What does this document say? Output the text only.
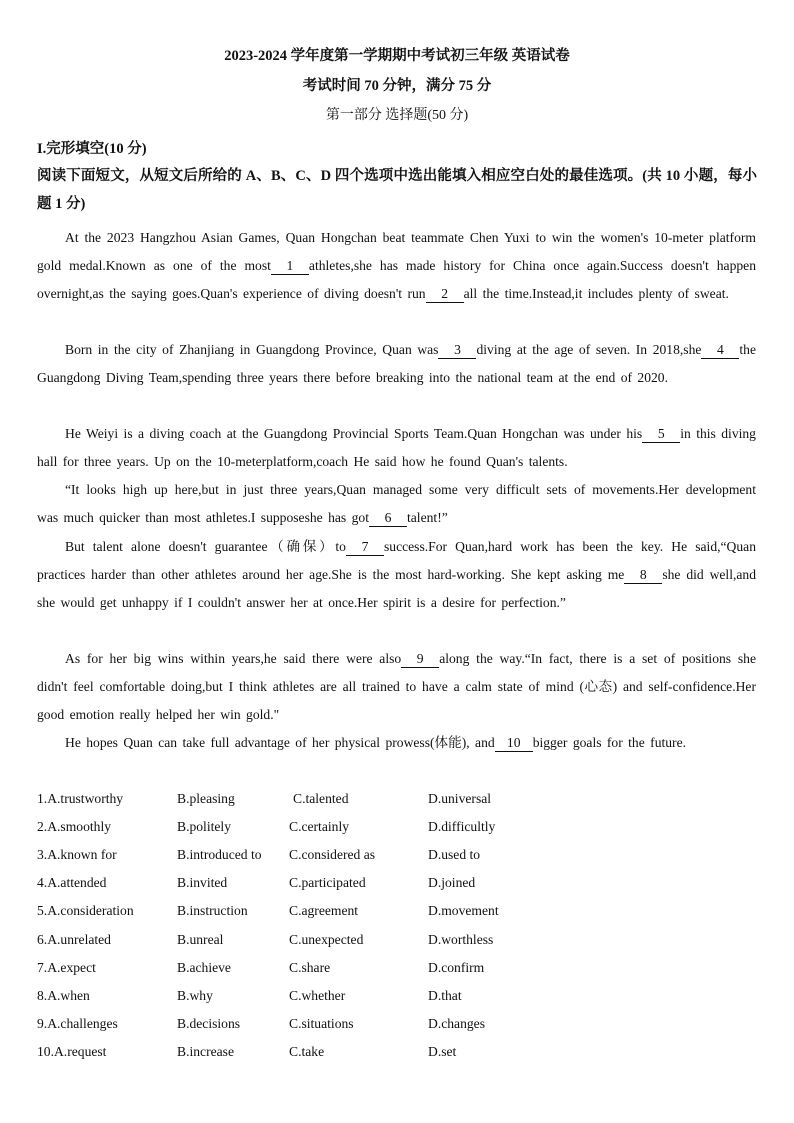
2023-2024 学年度第一学期期中考试初三年级 英语试卷
考试时间 70 分钟，满分 75 分
第一部分 选择题(50 分)
I.完形填空(10 分)
阅读下面短文，从短文后所给的 A、B、C、D 四个选项中选出能填入相应空白处的最佳选项。(共 10 小题，每小题 1 分)
At the 2023 Hangzhou Asian Games, Quan Hongchan beat teammate Chen Yuxi to win the women's 10-meter platform gold medal.Known as one of the most 1 athletes,she has made history for China once again.Success doesn't happen overnight,as the saying goes.Quan's experience of diving doesn't run 2 all the time.Instead,it includes plenty of sweat.
Born in the city of Zhanjiang in Guangdong Province, Quan was 3 diving at the age of seven. In 2018,she 4 the Guangdong Diving Team,spending three years there before breaking into the national team at the end of 2020.
He Weiyi is a diving coach at the Guangdong Provincial Sports Team.Quan Hongchan was under his 5 in this diving hall for three years. Up on the 10-meterplatform,coach He said how he found Quan's talents.
“It looks high up here,but in just three years,Quan managed some very difficult sets of movements.Her development was much quicker than most athletes.I supposeshe has got 6 talent!”
But talent alone doesn't guarantee（确保）to 7 success.For Quan,hard work has been the key. He said,“Quan practices harder than other athletes around her age.She is the most hard-working. She kept asking me 8 she did well,and she would get unhappy if I couldn't answer her at once.Her spirit is a desire for perfection.”
As for her big wins within years,he said there were also 9 along the way.“In fact, there is a set of positions she didn't feel comfortable doing,but I think athletes are all trained to have a calm state of mind (心态) and self-confidence.Her good emotion really helped her win gold."
He hopes Quan can take full advantage of her physical prowess(体能), and 10 bigger goals for the future.
1.A.trustworthy	B.pleasing	C.talented	D.universal
2.A.smoothly	B.politely	C.certainly	D.difficultly
3.A.known for	B.introduced to C.considered as	D.used to
4.A.attended	B.invited	C.participated	D.joined
5.A.consideration	B.instruction	C.agreement	D.movement
6.A.unrelated	B.unreal	C.unexpected	D.worthless
7.A.expect	B.achieve	C.share	D.confirm
8.A.when	B.why	C.whether	D.that
9.A.challenges	B.decisions	C.situations	D.changes
10.A.request	B.increase	C.take	D.set
